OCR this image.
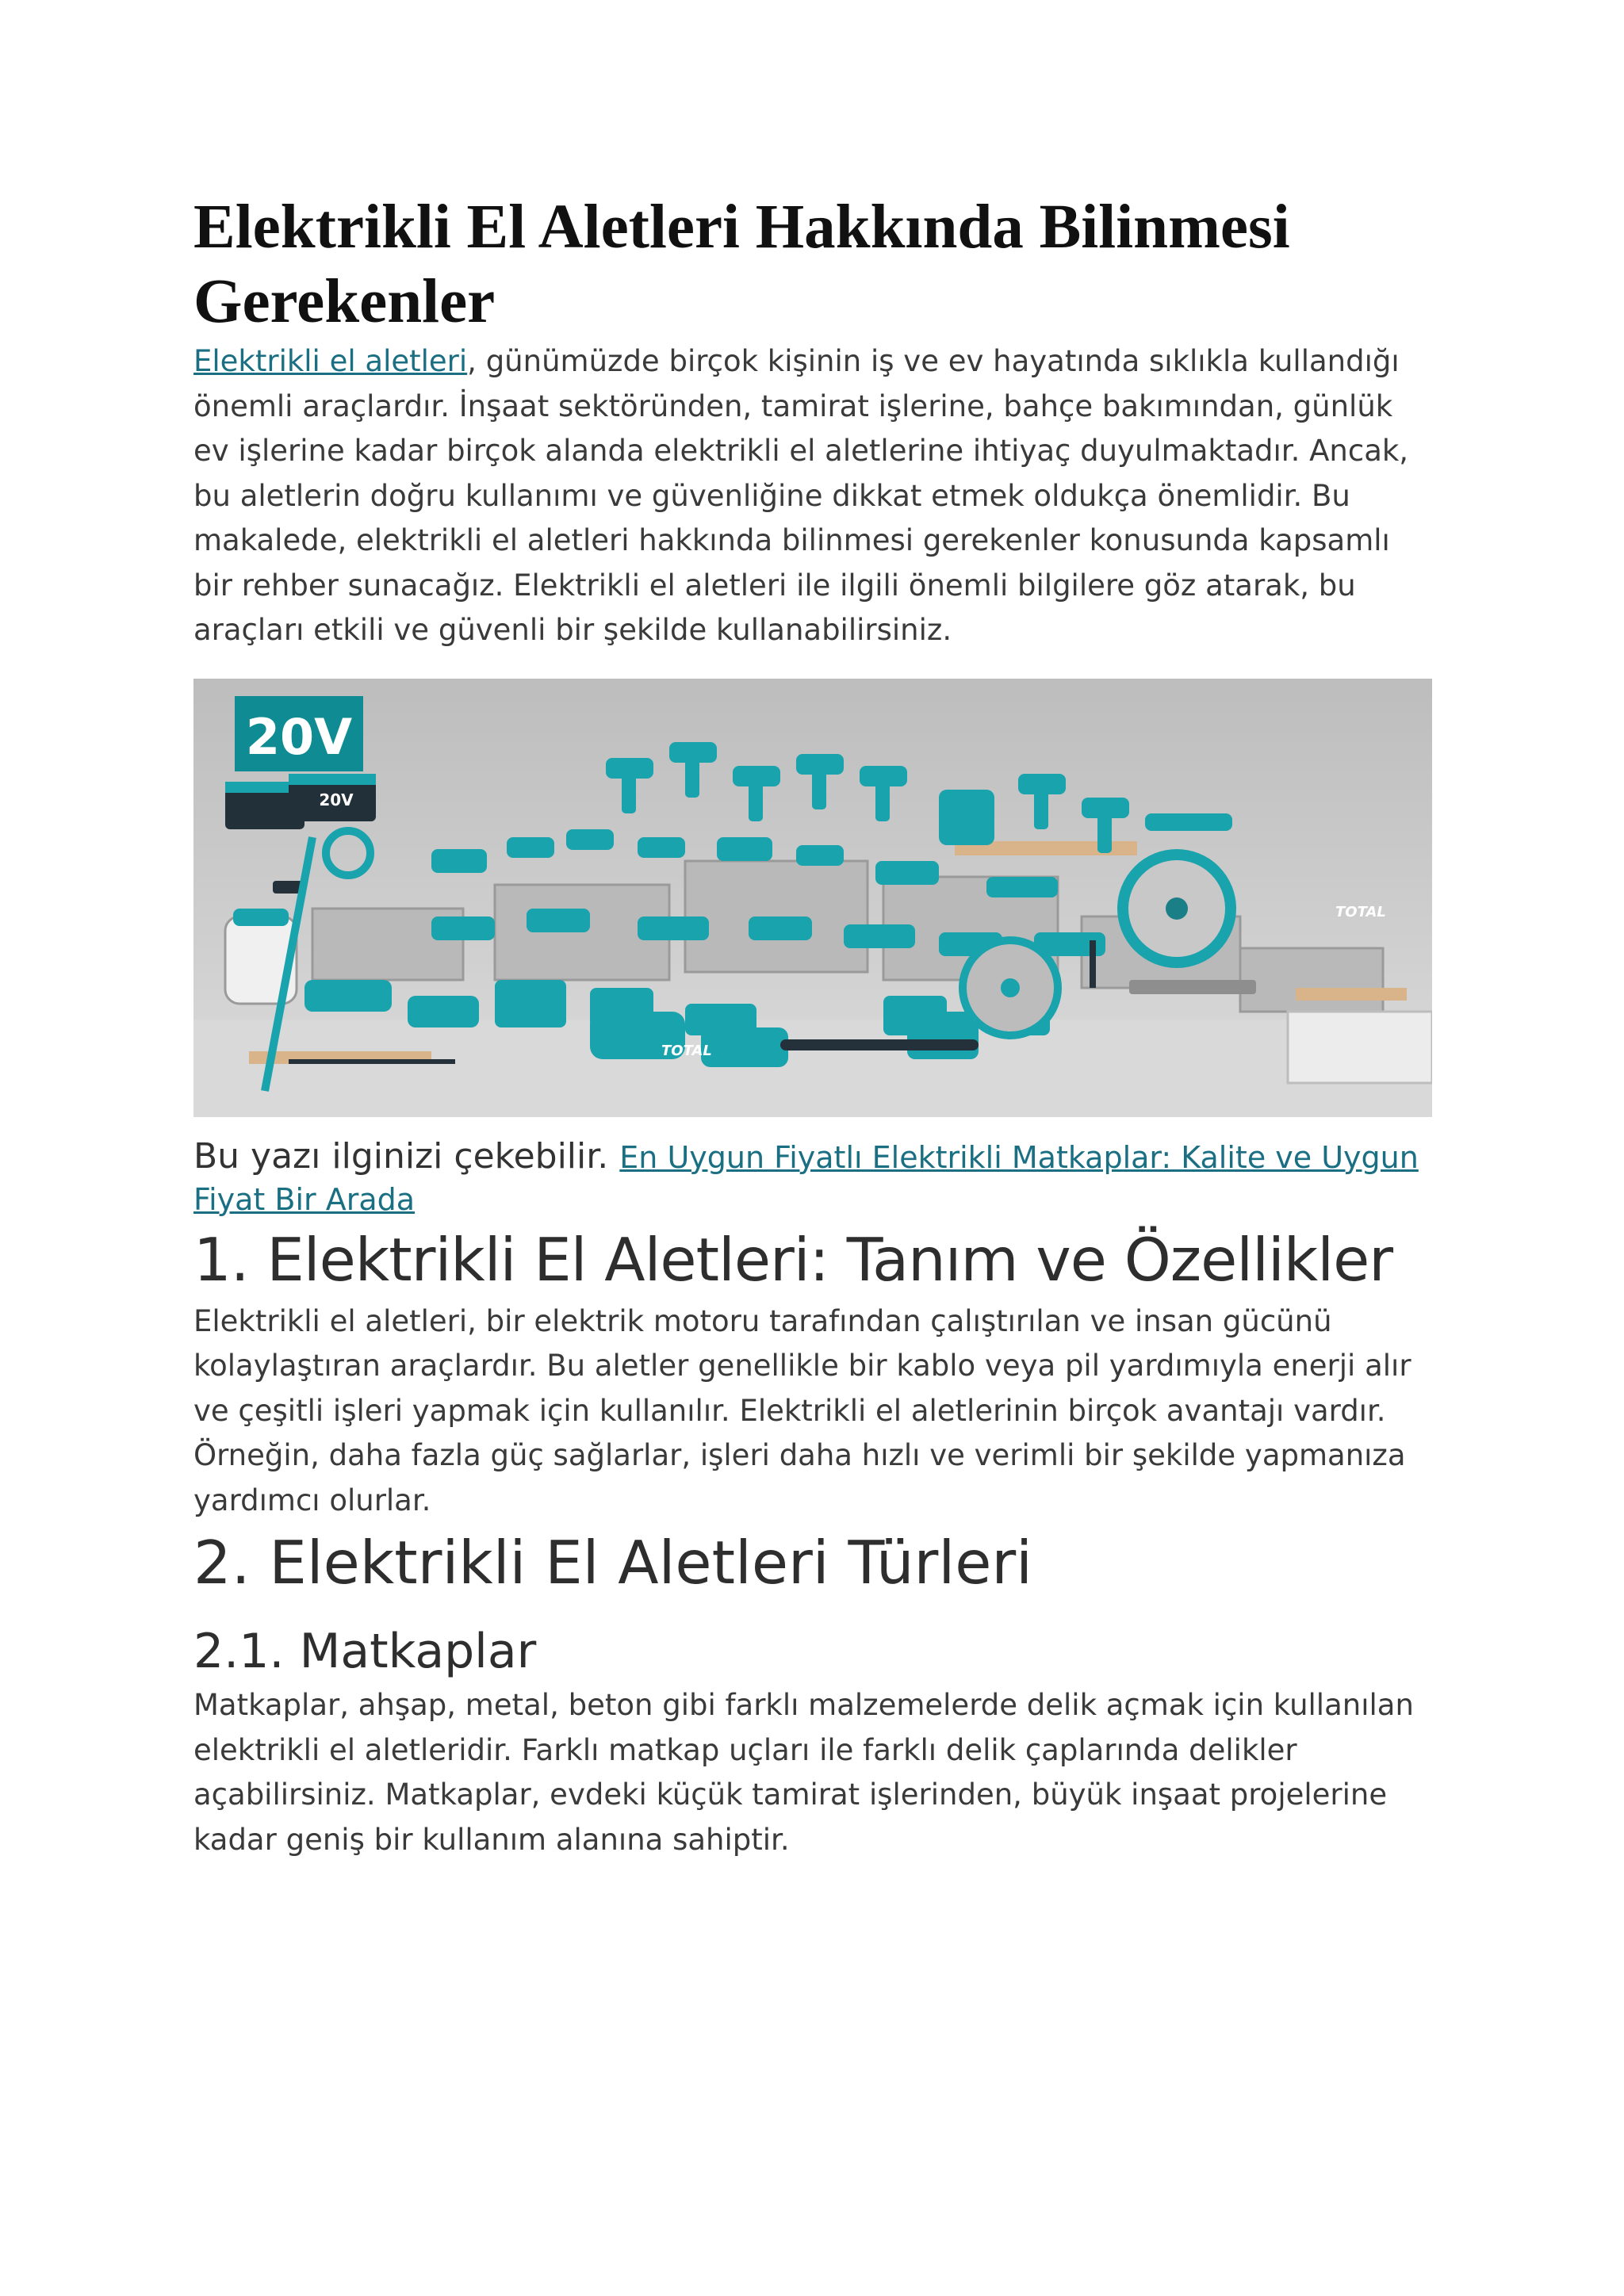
Elektrikli El Aletleri Hakkında Bilinmesi Gerekenler

Elektrikli el aletleri, günümüzde birçok kişinin iş ve ev hayatında sıklıkla kullandığı önemli araçlardır. İnşaat sektöründen, tamirat işlerine, bahçe bakımından, günlük ev işlerine kadar birçok alanda elektrikli el aletlerine ihtiyaç duyulmaktadır. Ancak, bu aletlerin doğru kullanımı ve güvenliğine dikkat etmek oldukça önemlidir. Bu makalede, elektrikli el aletleri hakkında bilinmesi gerekenler konusunda kapsamlı bir rehber sunacağız. Elektrikli el aletleri ile ilgili önemli bilgilere göz atarak, bu araçları etkili ve güvenli bir şekilde kullanabilirsiniz.

20V
20V
TOTAL
TOTAL
Bu yazı ilginizi çekebilir. En Uygun Fiyatlı Elektrikli Matkaplar: Kalite ve Uygun Fiyat Bir Arada
1. Elektrikli El Aletleri: Tanım ve Özellikler

Elektrikli el aletleri, bir elektrik motoru tarafından çalıştırılan ve insan gücünü kolaylaştıran araçlardır. Bu aletler genellikle bir kablo veya pil yardımıyla enerji alır ve çeşitli işleri yapmak için kullanılır. Elektrikli el aletlerinin birçok avantajı vardır. Örneğin, daha fazla güç sağlarlar, işleri daha hızlı ve verimli bir şekilde yapmanıza yardımcı olurlar.

2. Elektrikli El Aletleri Türleri
2.1. Matkaplar

Matkaplar, ahşap, metal, beton gibi farklı malzemelerde delik açmak için kullanılan elektrikli el aletleridir. Farklı matkap uçları ile farklı delik çaplarında delikler açabilirsiniz. Matkaplar, evdeki küçük tamirat işlerinden, büyük inşaat projelerine kadar geniş bir kullanım alanına sahiptir.
